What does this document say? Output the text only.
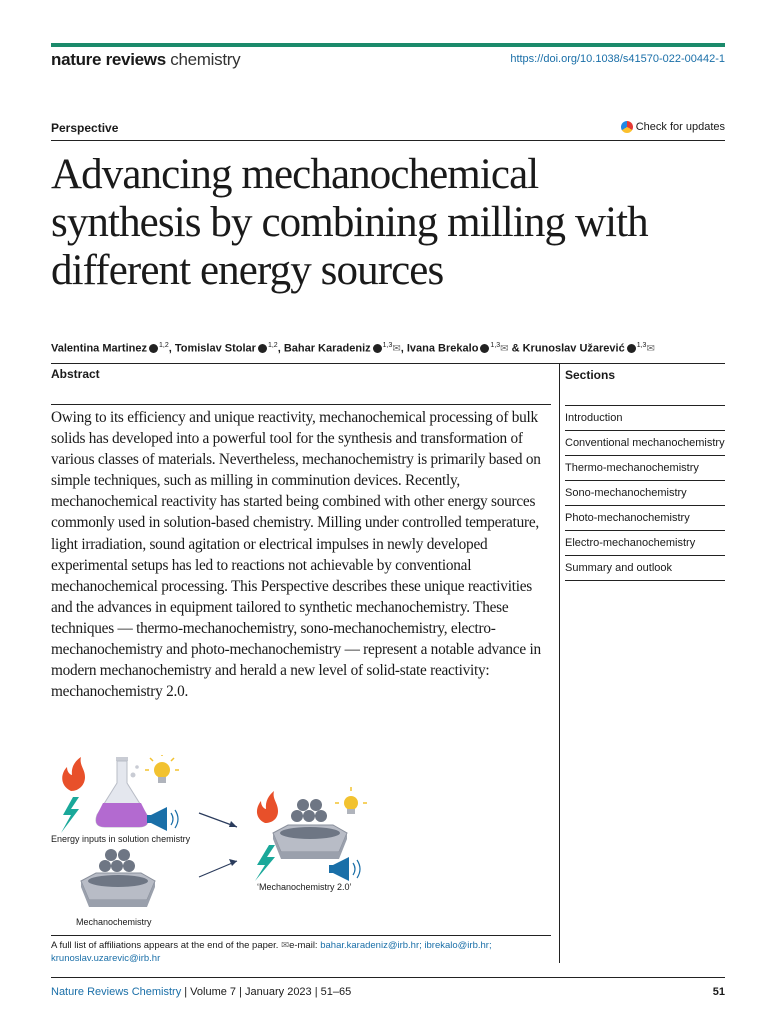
nature reviews chemistry	https://doi.org/10.1038/s41570-022-00442-1
Perspective	Check for updates
Advancing mechanochemical synthesis by combining milling with different energy sources
Valentina Martinez $^{1,2}$, Tomislav Stolar $^{1,2}$, Bahar Karadeniz $^{1,3}$✉, Ivana Brekalo $^{1,3}$✉ & Krunoslav Užarević $^{1,3}$✉
Abstract

Owing to its efficiency and unique reactivity, mechanochemical processing of bulk solids has developed into a powerful tool for the synthesis and transformation of various classes of materials. Nevertheless, mechanochemistry is primarily based on simple techniques, such as milling in comminution devices. Recently, mechanochemical reactivity has started being combined with other energy sources commonly used in solution-based chemistry. Milling under controlled temperature, light irradiation, sound agitation or electrical impulses in newly developed experimental setups has led to reactions not achievable by conventional mechanochemical processing. This Perspective describes these unique reactivities and the advances in equipment tailored to synthetic mechanochemistry. These techniques — thermo-mechanochemistry, sono-mechanochemistry, electro-mechanochemistry and photo-mechanochemistry — represent a notable advance in modern mechanochemistry and herald a new level of solid-state reactivity: mechanochemistry 2.0.

Sections
Introduction
Conventional mechanochemistry
Thermo-mechanochemistry
Sono-mechanochemistry
Photo-mechanochemistry
Electro-mechanochemistry
Summary and outlook
Energy inputs in solution chemistry
Mechanochemistry
‘Mechanochemistry 2.0’
A full list of affiliations appears at the end of the paper. ✉e-mail: bahar.karadeniz@irb.hr; ibrekalo@irb.hr; krunoslav.uzarevic@irb.hr
Nature Reviews Chemistry | Volume 7 | January 2023 | 51–65	51
